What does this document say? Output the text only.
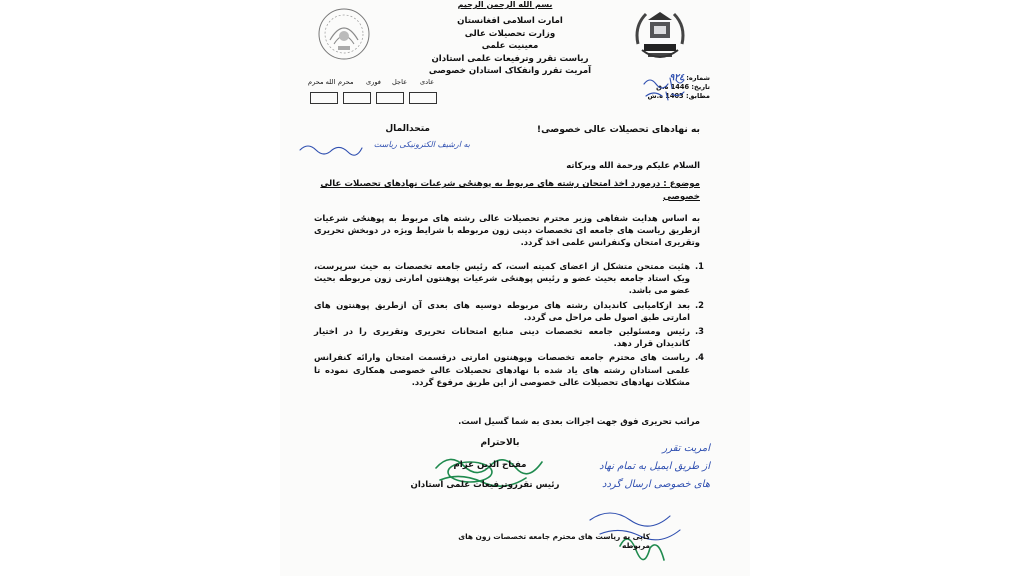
بسم الله الرحمن الرحیم
امارت اسلامی افغانستان
وزارت تحصیلات عالی
معینیت علمی
ریاست تقرر وترفیعات علمی استادان
آمریت تقرر وانفکاک استادان خصوصی
عادی
عاجل
فوری
محرم
الله محرم	شماره: ٩٢٤
تاریخ: 1446 ه.ق
مطابق: 1403 ه.ش
به نهادهای تحصیلات عالی خصوصی!
متحدالمال
به ارشیف الکترونیکی ریاست
السلام علیکم ورحمة الله وبرکاته
موضوع : درمورد اخذ امتحان رشته های مربوط به پوهنځی شرعیات نهادهای تحصیلات عالی خصوصی
به اساس هدایت شفاهی وزیر محترم تحصیلات عالی رشته های مربوط به پوهنځی شرعیات ازطریق ریاست های جامعه ای تخصصات دینی زون مربوطه با شرایط ویژه در دوبخش تحریری وتقریری امتحان وکنفرانس علمی اخذ گردد.
1.
هئیت ممتحن متشکل از اعضای کمیته است، که رئیس جامعه تخصصات به حیث سرپرست، ویک استاد جامعه بحیث عضو و رئیس پوهنځی شرعیات پوهنتون امارتی زون مربوطه بحیث عضو می باشد.
2.
بعد ازکامیابی کاندیدان رشته های مربوطه دوسیه های بعدی آن ازطریق پوهنتون های امارتی طبق اصول طی مراحل می گردد.
3.
رئیس ومسئولین جامعه تخصصات دینی منابع امتحانات تحریری وتقریری را در اختیار کاندیدان قرار دهد.
4.
ریاست های محترم جامعه تخصصات وپوهنتون امارتی درقسمت امتحان وارائه کنفرانس علمی استادان رشته های یاد شده با نهادهای تحصیلات عالی خصوصی همکاری نموده تا مشکلات نهادهای تحصیلات عالی خصوصی از این طریق مرفوع گردد.
مراتب تحریری فوق جهت اجراات بعدی به شما گسیل است.
بالاحترام
مفتاح الدین عزام
رئیس تقرروترفیعات علمی استادان
امریت تقرر
از طریق ایمیل به تمام نهاد
های خصوصی ارسال گردد
کاپی به ریاست های محترم جامعه تخصصات زون های مربوطه
